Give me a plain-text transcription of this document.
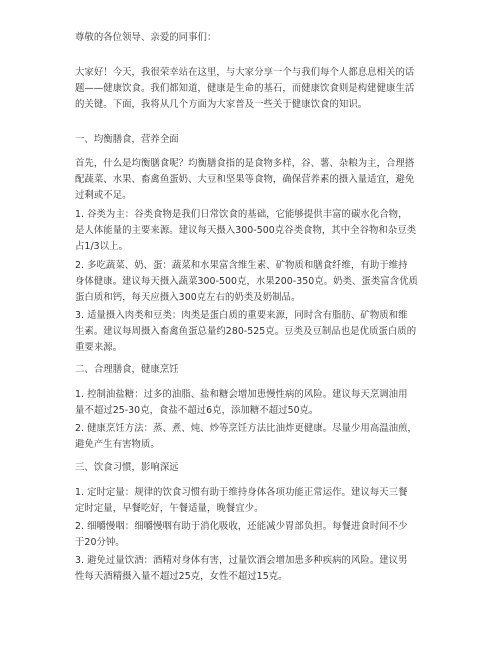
尊敬的各位领导、亲爱的同事们：
大家好！今天，我很荣幸站在这里，与大家分享一个与我们每个人都息息相关的话
题——健康饮食。我们都知道，健康是生命的基石，而健康饮食则是构建健康生活
的关键。下面，我将从几个方面为大家普及一些关于健康饮食的知识。
一、均衡膳食，营养全面
首先，什么是均衡膳食呢？均衡膳食指的是食物多样，谷、薯、杂粮为主，合理搭
配蔬菜、水果、畜禽鱼蛋奶、大豆和坚果等食物，确保营养素的摄入量适宜，避免
过剩或不足。
1. 谷类为主：谷类食物是我们日常饮食的基础，它能够提供丰富的碳水化合物，
是人体能量的主要来源。建议每天摄入300-500克谷类食物，其中全谷物和杂豆类
占1/3以上。
2. 多吃蔬菜、奶、蛋：蔬菜和水果富含维生素、矿物质和膳食纤维，有助于维持
身体健康。建议每天摄入蔬菜300-500克，水果200-350克。奶类、蛋类富含优质
蛋白质和钙，每天应摄入300克左右的奶类及奶制品。
3. 适量摄入肉类和豆类：肉类是蛋白质的重要来源，同时含有脂肪、矿物质和维
生素。建议每周摄入畜禽鱼蛋总量约280-525克。豆类及豆制品也是优质蛋白质的
重要来源。
二、合理膳食，健康烹饪
1. 控制油盐糖：过多的油脂、盐和糖会增加患慢性病的风险。建议每天烹调油用
量不超过25-30克，食盐不超过6克，添加糖不超过50克。
2. 健康烹饪方法：蒸、煮、炖、炒等烹饪方法比油炸更健康。尽量少用高温油煎，
避免产生有害物质。
三、饮食习惯，影响深远
1. 定时定量：规律的饮食习惯有助于维持身体各项功能正常运作。建议每天三餐
定时定量，早餐吃好，午餐适量，晚餐宜少。
2. 细嚼慢咽：细嚼慢咽有助于消化吸收，还能减少胃部负担。每餐进食时间不少
于20分钟。
3. 避免过量饮酒：酒精对身体有害，过量饮酒会增加患多种疾病的风险。建议男
性每天酒精摄入量不超过25克，女性不超过15克。
